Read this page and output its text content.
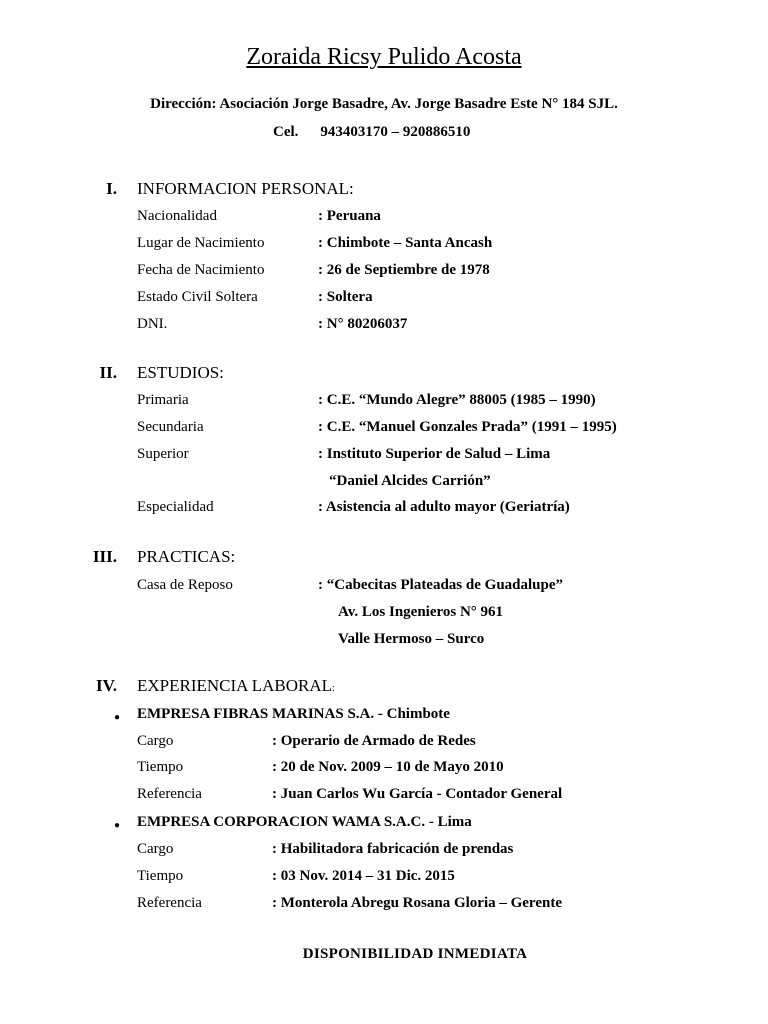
Zoraida Ricsy Pulido Acosta
Dirección: Asociación Jorge Basadre, Av. Jorge Basadre Este N° 184 SJL.
Cel. 943403170 – 920886510
I. INFORMACION PERSONAL:
Nacionalidad	: Peruana
Lugar de Nacimiento	: Chimbote – Santa Ancash
Fecha de Nacimiento	: 26 de Septiembre de 1978
Estado Civil Soltera	: Soltera
DNI.	: N° 80206037
II. ESTUDIOS:
Primaria	: C.E. “Mundo Alegre” 88005 (1985 – 1990)
Secundaria	: C.E. “Manuel Gonzales Prada” (1991 – 1995)
Superior	: Instituto Superior de Salud – Lima
“Daniel Alcides Carrión”
Especialidad	: Asistencia al adulto mayor (Geriatría)
III. PRACTICAS:
Casa de Reposo	: “Cabecitas Plateadas de Guadalupe”
Av. Los Ingenieros N° 961
Valle Hermoso – Surco
IV. EXPERIENCIA LABORAL:
● EMPRESA FIBRAS MARINAS S.A. - Chimbote
Cargo	: Operario de Armado de Redes
Tiempo	: 20 de Nov. 2009 – 10 de Mayo 2010
Referencia	: Juan Carlos Wu García - Contador General
● EMPRESA CORPORACION WAMA S.A.C. - Lima
Cargo	: Habilitadora fabricación de prendas
Tiempo	: 03 Nov. 2014 – 31 Dic. 2015
Referencia	: Monterola Abregu Rosana Gloria – Gerente
DISPONIBILIDAD INMEDIATA
